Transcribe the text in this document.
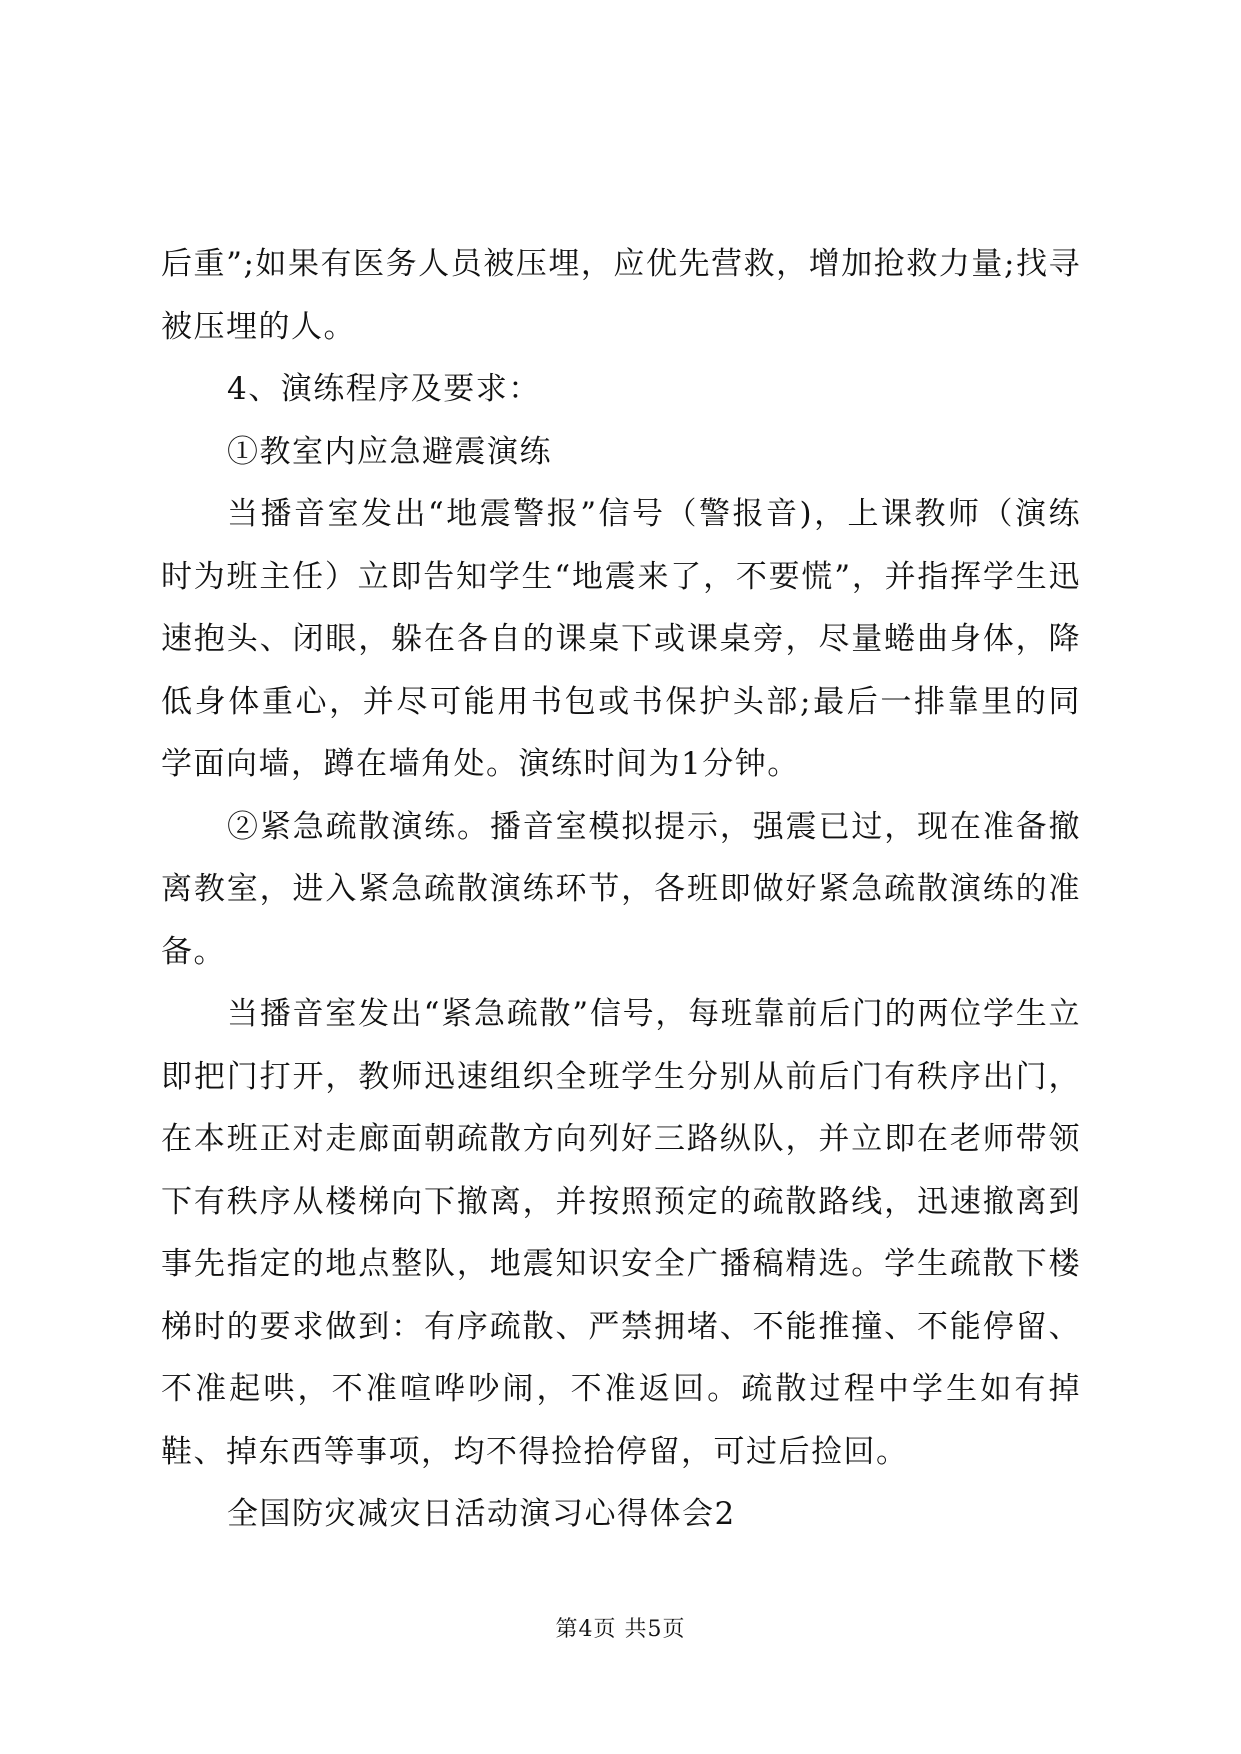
后重”;如果有医务人员被压埋，应优先营救，增加抢救力量;找寻被压埋的人。

4、演练程序及要求：

①教室内应急避震演练

当播音室发出“地震警报”信号（警报音)，上课教师（演练时为班主任）立即告知学生“地震来了，不要慌”，并指挥学生迅速抱头、闭眼，躲在各自的课桌下或课桌旁，尽量蜷曲身体，降低身体重心，并尽可能用书包或书保护头部;最后一排靠里的同学面向墙，蹲在墙角处。演练时间为1分钟。

②紧急疏散演练。播音室模拟提示，强震已过，现在准备撤离教室，进入紧急疏散演练环节，各班即做好紧急疏散演练的准备。

当播音室发出“紧急疏散”信号，每班靠前后门的两位学生立即把门打开，教师迅速组织全班学生分别从前后门有秩序出门，在本班正对走廊面朝疏散方向列好三路纵队，并立即在老师带领下有秩序从楼梯向下撤离，并按照预定的疏散路线，迅速撤离到事先指定的地点整队，地震知识安全广播稿精选。学生疏散下楼梯时的要求做到：有序疏散、严禁拥堵、不能推撞、不能停留、不准起哄，不准喧哗吵闹，不准返回。疏散过程中学生如有掉鞋、掉东西等事项，均不得捡拾停留，可过后捡回。

全国防灾减灾日活动演习心得体会2

第4页 共5页
